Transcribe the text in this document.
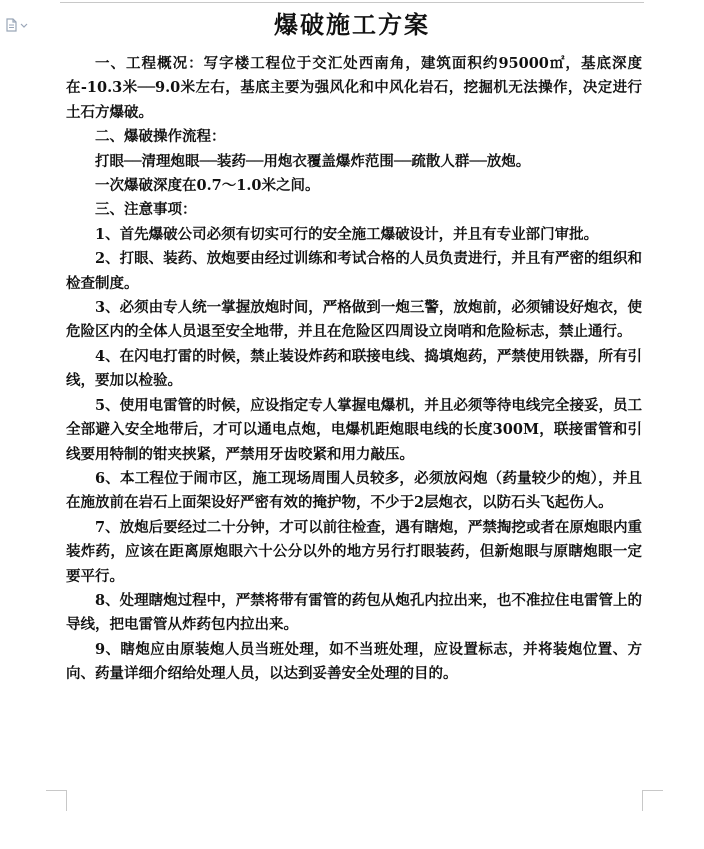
爆破施工方案

一、工程概况：写字楼工程位于交汇处西南角，建筑面积约95000㎡，基底深度在-10.3米──9.0米左右，基底主要为强风化和中风化岩石，挖掘机无法操作，决定进行土石方爆破。

二、爆破操作流程：

打眼──清理炮眼──装药──用炮衣覆盖爆炸范围──疏散人群──放炮。

一次爆破深度在0.7～1.0米之间。

三、注意事项：

1、首先爆破公司必须有切实可行的安全施工爆破设计，并且有专业部门审批。

2、打眼、装药、放炮要由经过训练和考试合格的人员负责进行，并且有严密的组织和检查制度。

3、必须由专人统一掌握放炮时间，严格做到一炮三警，放炮前，必须铺设好炮衣，使危险区内的全体人员退至安全地带，并且在危险区四周设立岗哨和危险标志，禁止通行。

4、在闪电打雷的时候，禁止装设炸药和联接电线、捣填炮药，严禁使用铁器，所有引线，要加以检验。

5、使用电雷管的时候，应设指定专人掌握电爆机，并且必须等待电线完全接妥，员工全部避入安全地带后，才可以通电点炮，电爆机距炮眼电线的长度300M，联接雷管和引线要用特制的钳夹挟紧，严禁用牙齿咬紧和用力敲压。

6、本工程位于闹市区，施工现场周围人员较多，必须放闷炮（药量较少的炮），并且在施放前在岩石上面架设好严密有效的掩护物，不少于2层炮衣，以防石头飞起伤人。

7、放炮后要经过二十分钟，才可以前往检查，遇有瞎炮，严禁掏挖或者在原炮眼内重装炸药，应该在距离原炮眼六十公分以外的地方另行打眼装药，但新炮眼与原瞎炮眼一定要平行。

8、处理瞎炮过程中，严禁将带有雷管的药包从炮孔内拉出来，也不准拉住电雷管上的导线，把电雷管从炸药包内拉出来。

9、瞎炮应由原装炮人员当班处理，如不当班处理，应设置标志，并将装炮位置、方向、药量详细介绍给处理人员，以达到妥善安全处理的目的。
